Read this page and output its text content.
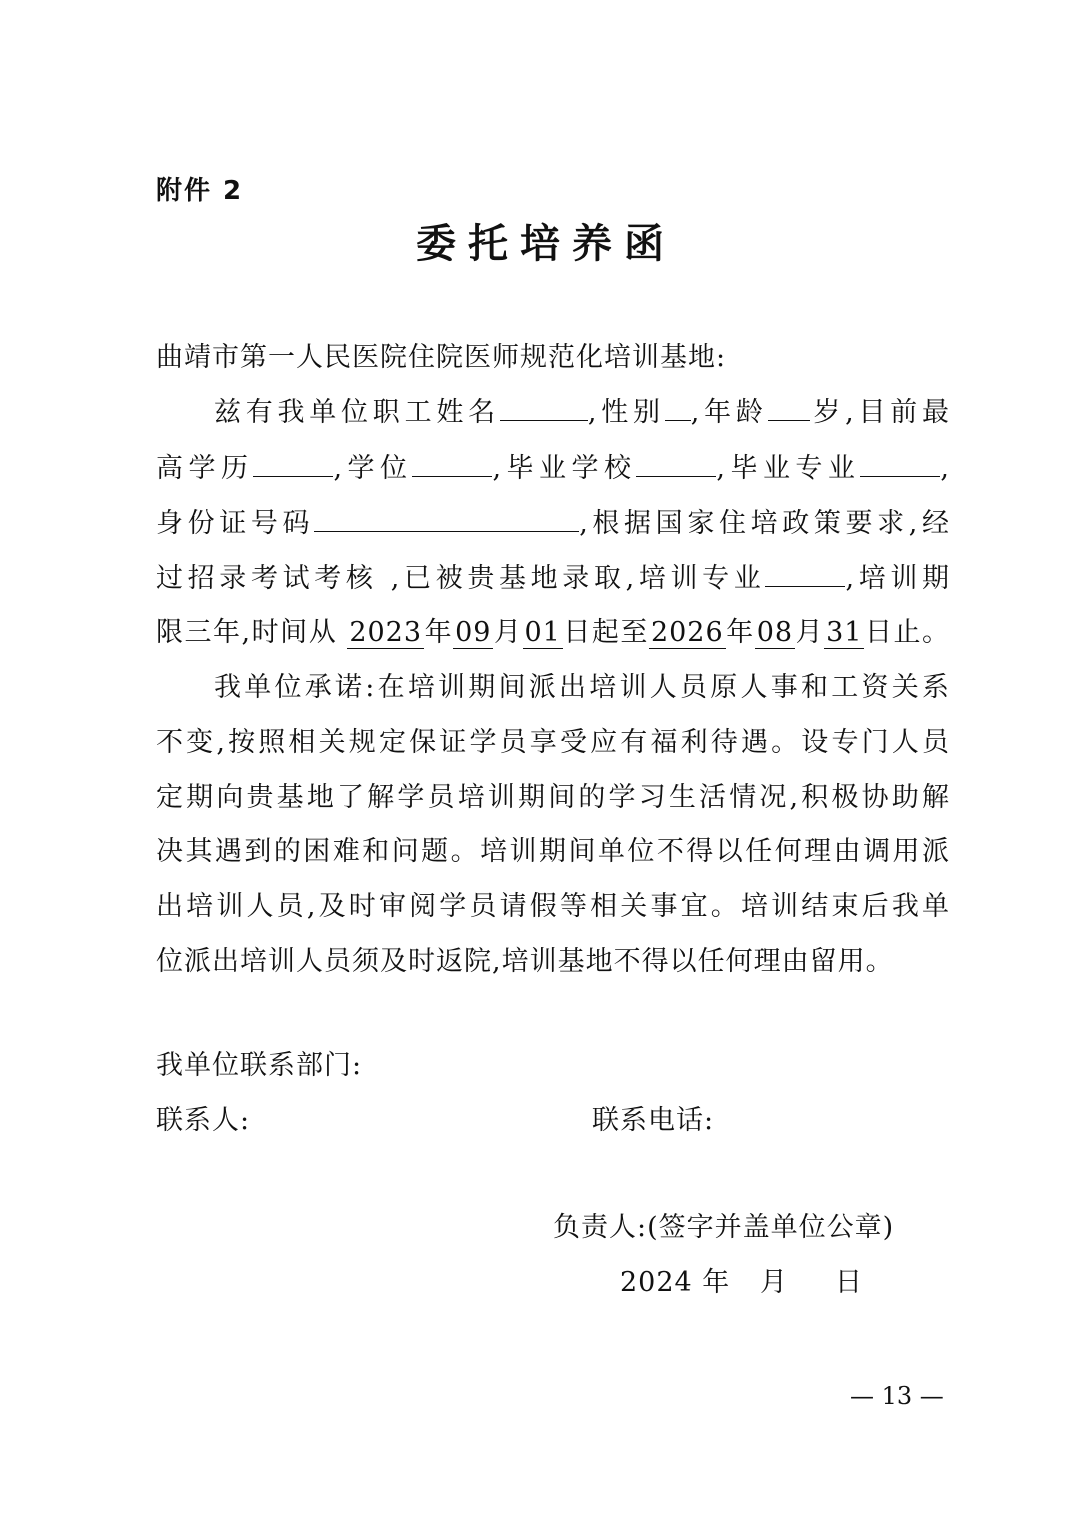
附件 2
委 托 培 养 函
曲靖市第一人民医院住院医师规范化培训基地:
兹有我单位职工姓名	,性别 ,年龄 岁,目前最
高学历	,学位	,毕业学校	,毕业专业	,
身份证号码	,根据国家住培政策要求,经
过招录考试考核 ,已被贵基地录取,培训专业	,培训期
限三年,时间从 2023年09月01日起至2026年08月31日止。
我单位承诺:在培训期间派出培训人员原人事和工资关系
不变,按照相关规定保证学员享受应有福利待遇。设专门人员
定期向贵基地了解学员培训期间的学习生活情况,积极协助解
决其遇到的困难和问题。培训期间单位不得以任何理由调用派
出培训人员,及时审阅学员请假等相关事宜。培训结束后我单
位派出培训人员须及时返院,培训基地不得以任何理由留用。
我单位联系部门:
联系人:	联系电话:
负责人:(签字并盖单位公章)
2024 年 月 日
— 13 —
